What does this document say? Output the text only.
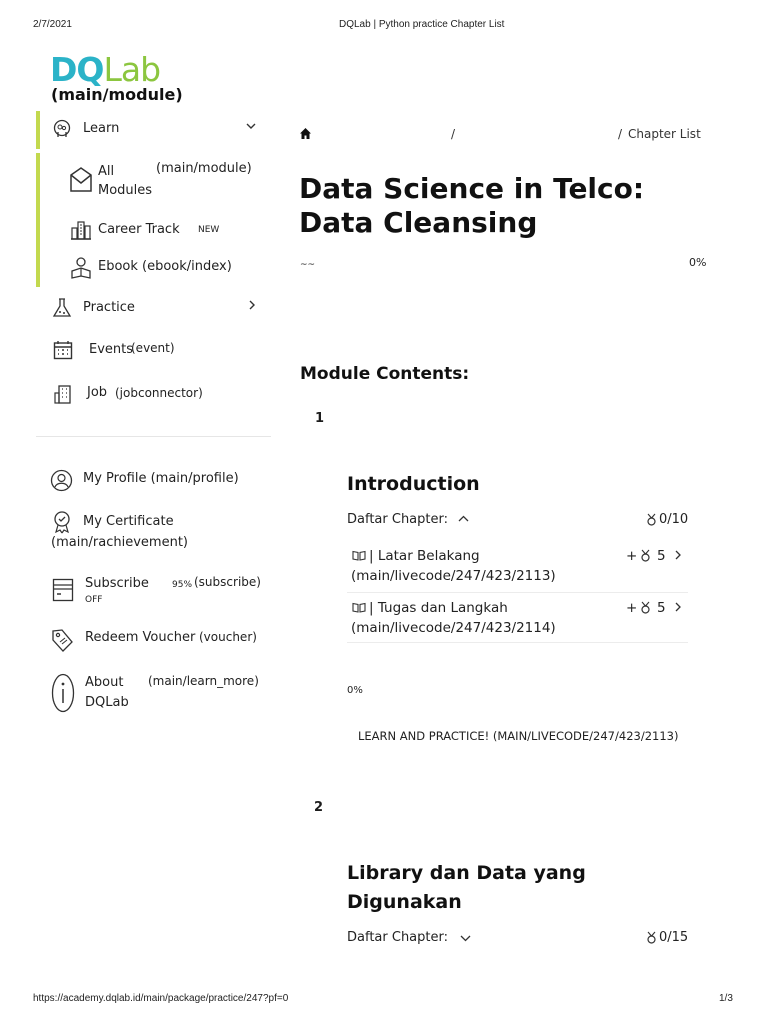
2/7/2021	DQLab | Python practice Chapter List
DQLab
(main/module)
Learn
All
Modules
(main/module)
Career Track NEW
Ebook (ebook/index)
Practice
Events
(event)
Job (jobconnector)
My Profile (main/profile)
My Certificate
(main/rachievement)
Subscribe
OFF
95% (subscribe)
Redeem Voucher (voucher)
About
DQLab
(main/learn_more)
/	/ Chapter List
Data Science in Telco: Data Cleansing
~~	0%
Module Contents:
1
Introduction
Daftar Chapter:	0/10
| Latar Belakang
(main/livecode/247/423/2113)
+ 5
| Tugas dan Langkah
(main/livecode/247/423/2114)
+ 5
0%
LEARN AND PRACTICE! (MAIN/LIVECODE/247/423/2113)
2
Library dan Data yang
Digunakan
Daftar Chapter:	0/15
https://academy.dqlab.id/main/package/practice/247?pf=0	1/3
